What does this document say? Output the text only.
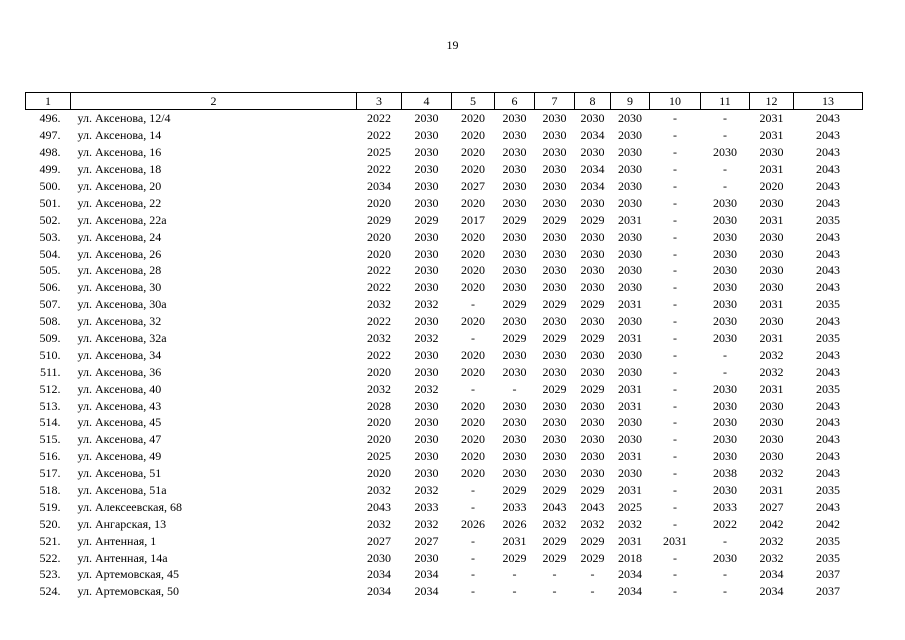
19
1	2	3	4	5	6	7	8	9	10	11	12	13
496.	ул. Аксенова, 12/4	2022	2030	2020	2030	2030	2030	2030	-	-	2031	2043
497.	ул. Аксенова, 14	2022	2030	2020	2030	2030	2034	2030	-	-	2031	2043
498.	ул. Аксенова, 16	2025	2030	2020	2030	2030	2030	2030	-	2030	2030	2043
499.	ул. Аксенова, 18	2022	2030	2020	2030	2030	2034	2030	-	-	2031	2043
500.	ул. Аксенова, 20	2034	2030	2027	2030	2030	2034	2030	-	-	2020	2043
501.	ул. Аксенова, 22	2020	2030	2020	2030	2030	2030	2030	-	2030	2030	2043
502.	ул. Аксенова, 22а	2029	2029	2017	2029	2029	2029	2031	-	2030	2031	2035
503.	ул. Аксенова, 24	2020	2030	2020	2030	2030	2030	2030	-	2030	2030	2043
504.	ул. Аксенова, 26	2020	2030	2020	2030	2030	2030	2030	-	2030	2030	2043
505.	ул. Аксенова, 28	2022	2030	2020	2030	2030	2030	2030	-	2030	2030	2043
506.	ул. Аксенова, 30	2022	2030	2020	2030	2030	2030	2030	-	2030	2030	2043
507.	ул. Аксенова, 30а	2032	2032	-	2029	2029	2029	2031	-	2030	2031	2035
508.	ул. Аксенова, 32	2022	2030	2020	2030	2030	2030	2030	-	2030	2030	2043
509.	ул. Аксенова, 32а	2032	2032	-	2029	2029	2029	2031	-	2030	2031	2035
510.	ул. Аксенова, 34	2022	2030	2020	2030	2030	2030	2030	-	-	2032	2043
511.	ул. Аксенова, 36	2020	2030	2020	2030	2030	2030	2030	-	-	2032	2043
512.	ул. Аксенова, 40	2032	2032	-	-	2029	2029	2031	-	2030	2031	2035
513.	ул. Аксенова, 43	2028	2030	2020	2030	2030	2030	2031	-	2030	2030	2043
514.	ул. Аксенова, 45	2020	2030	2020	2030	2030	2030	2030	-	2030	2030	2043
515.	ул. Аксенова, 47	2020	2030	2020	2030	2030	2030	2030	-	2030	2030	2043
516.	ул. Аксенова, 49	2025	2030	2020	2030	2030	2030	2031	-	2030	2030	2043
517.	ул. Аксенова, 51	2020	2030	2020	2030	2030	2030	2030	-	2038	2032	2043
518.	ул. Аксенова, 51а	2032	2032	-	2029	2029	2029	2031	-	2030	2031	2035
519.	ул. Алексеевская, 68	2043	2033	-	2033	2043	2043	2025	-	2033	2027	2043
520.	ул. Ангарская, 13	2032	2032	2026	2026	2032	2032	2032	-	2022	2042	2042
521.	ул. Антенная, 1	2027	2027	-	2031	2029	2029	2031	2031	-	2032	2035
522.	ул. Антенная, 14а	2030	2030	-	2029	2029	2029	2018	-	2030	2032	2035
523.	ул. Артемовская, 45	2034	2034	-	-	-	-	2034	-	-	2034	2037
524.	ул. Артемовская, 50	2034	2034	-	-	-	-	2034	-	-	2034	2037
